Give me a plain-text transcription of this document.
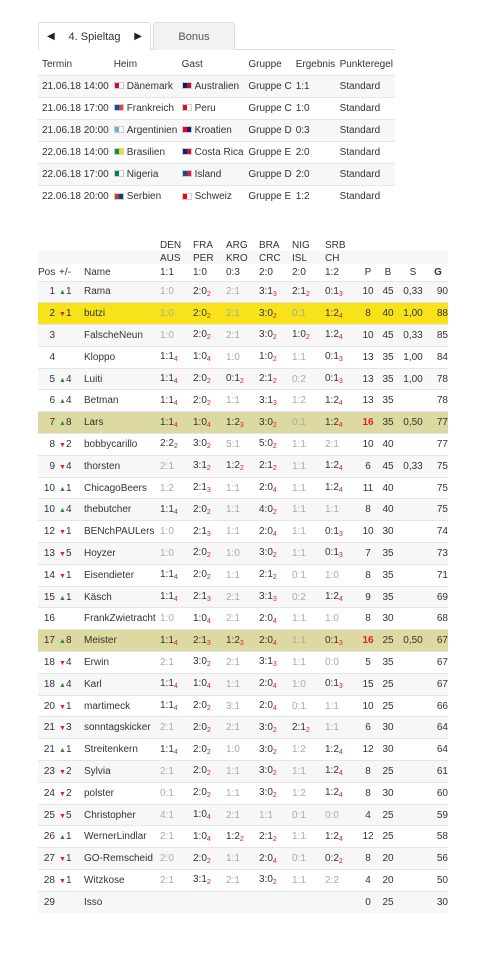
◀ 4. Spieltag ▶	Bonus
Termin	Heim	Gast	Gruppe	Ergebnis	Punkteregel
21.06.18 14:00	Dänemark	Australien	Gruppe C	1:1	Standard
21.06.18 17:00	Frankreich	Peru	Gruppe C	1:0	Standard
21.06.18 20:00	Argentinien	Kroatien	Gruppe D	0:3	Standard
22.06.18 14:00	Brasilien	Costa Rica	Gruppe E	2:0	Standard
22.06.18 17:00	Nigeria	Island	Gruppe D	2:0	Standard
22.06.18 20:00	Serbien	Schweiz	Gruppe E	1:2	Standard
			DEN	FRA	ARG	BRA	NIG	SRB				
			AUS	PER	KRO	CRC	ISL	CH				
Pos	+/-	Name	1:1	1:0	0:3	2:0	2:0	1:2	P	B	S	G
1	▲1	Rama	1:0	$2:0_2$	2:1	$3:1_3$	$2:1_2$	$0:1_3$	10	45	0,33	90
2	▼1	butzi	1:0	$2:0_2$	2:1	$3:0_2$	0:1	$1:2_4$	8	40	1,00	88
3		FalscheNeun	1:0	$2:0_2$	2:1	$3:0_2$	$1:0_2$	$1:2_4$	10	45	0,33	85
4		Kloppo	$1:1_4$	$1:0_4$	1:0	$1:0_2$	1:1	$0:1_3$	13	35	1,00	84
5	▲4	Luiti	$1:1_4$	$2:0_2$	$0:1_2$	$2:1_2$	0:2	$0:1_3$	13	35	1,00	78
6	▲4	Betman	$1:1_4$	$2:0_2$	1:1	$3:1_3$	1:2	$1:2_4$	13	35		78
7	▲8	Lars	$1:1_4$	$1:0_4$	$1:2_3$	$3:0_2$	0:1	$1:2_4$	16	35	0,50	77
8	▼2	bobbycarillo	$2:2_2$	$3:0_2$	5:1	$5:0_2$	1:1	2:1	10	40		77
9	▼4	thorsten	2:1	$3:1_2$	$1:2_2$	$2:1_2$	1:1	$1:2_4$	6	45	0,33	75
10	▲1	ChicagoBeers	1:2	$2:1_3$	1:1	$2:0_4$	1:1	$1:2_4$	11	40		75
10	▲4	thebutcher	$1:1_4$	$2:0_2$	1:1	$4:0_2$	1:1	1:1	8	40		75
12	▼1	BENchPAULers	1:0	$2:1_3$	1:1	$2:0_4$	1:1	$0:1_3$	10	30		74
13	▼5	Hoyzer	1:0	$2:0_2$	1:0	$3:0_2$	1:1	$0:1_3$	7	35		73
14	▼1	Eisendieter	$1:1_4$	$2:0_2$	1:1	$2:1_2$	0:1	1:0	8	35		71
15	▲1	Käsch	$1:1_4$	$2:1_3$	2:1	$3:1_3$	0:2	$1:2_4$	9	35		69
16		FrankZwietracht	1:0	$1:0_4$	2:1	$2:0_4$	1:1	1:0	8	30		68
17	▲8	Meister	$1:1_4$	$2:1_3$	$1:2_3$	$2:0_4$	1:1	$0:1_3$	16	25	0,50	67
18	▼4	Erwin	2:1	$3:0_2$	2:1	$3:1_3$	1:1	0:0	5	35		67
18	▲4	Karl	$1:1_4$	$1:0_4$	1:1	$2:0_4$	1:0	$0:1_3$	15	25		67
20	▼1	martimeck	$1:1_4$	$2:0_2$	3:1	$2:0_4$	0:1	1:1	10	25		66
21	▼3	sonntagskicker	2:1	$2:0_2$	2:1	$3:0_2$	$2:1_2$	1:1	6	30		64
21	▲1	Streitenkern	$1:1_4$	$2:0_2$	1:0	$3:0_2$	1:2	$1:2_4$	12	30		64
23	▼2	Sylvia	2:1	$2:0_2$	1:1	$3:0_2$	1:1	$1:2_4$	8	25		61
24	▼2	polster	0:1	$2:0_2$	1:1	$3:0_2$	1:2	$1:2_4$	8	30		60
25	▼5	Christopher	4:1	$1:0_4$	2:1	1:1	0:1	0:0	4	25		59
26	▲1	WernerLindlar	2:1	$1:0_4$	$1:2_2$	$2:1_2$	1:1	$1:2_4$	12	25		58
27	▼1	GO-Remscheid	2:0	$2:0_2$	1:1	$2:0_4$	0:1	$0:2_2$	8	20		56
28	▼1	Witzkose	2:1	$3:1_2$	2:1	$3:0_2$	1:1	2:2	4	20		50
29		Isso							0	25		30
